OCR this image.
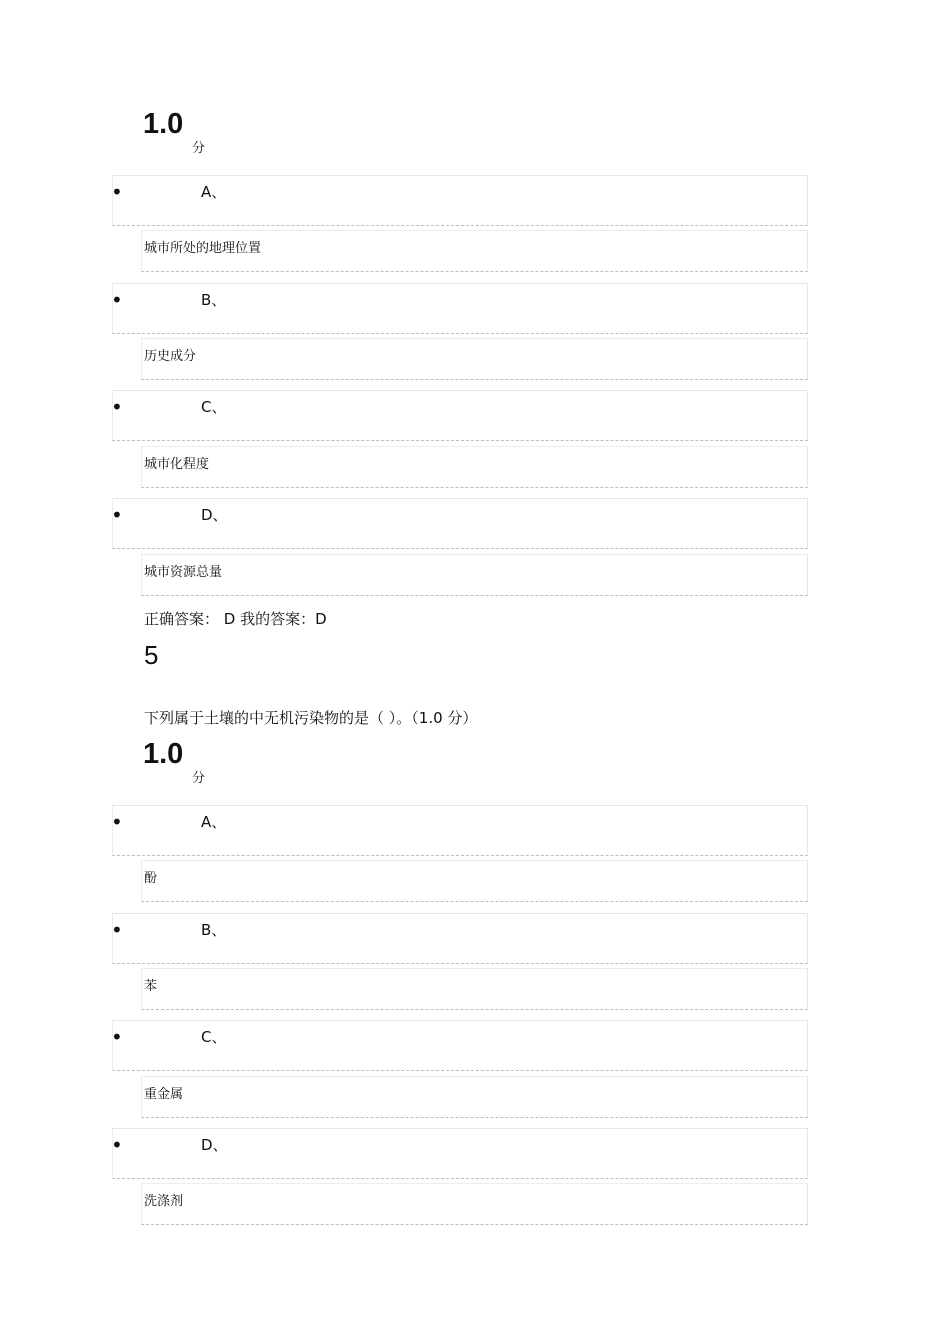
1.0
分
•	A、
城市所处的地理位置
•	B、
历史成分
•	C、
城市化程度
•	D、
城市资源总量
正确答案： D 我的答案：D
5
下列属于土壤的中无机污染物的是（ ）。（1.0 分）
1.0
分
•	A、
酚
•	B、
苯
•	C、
重金属
•	D、
洗涤剂
